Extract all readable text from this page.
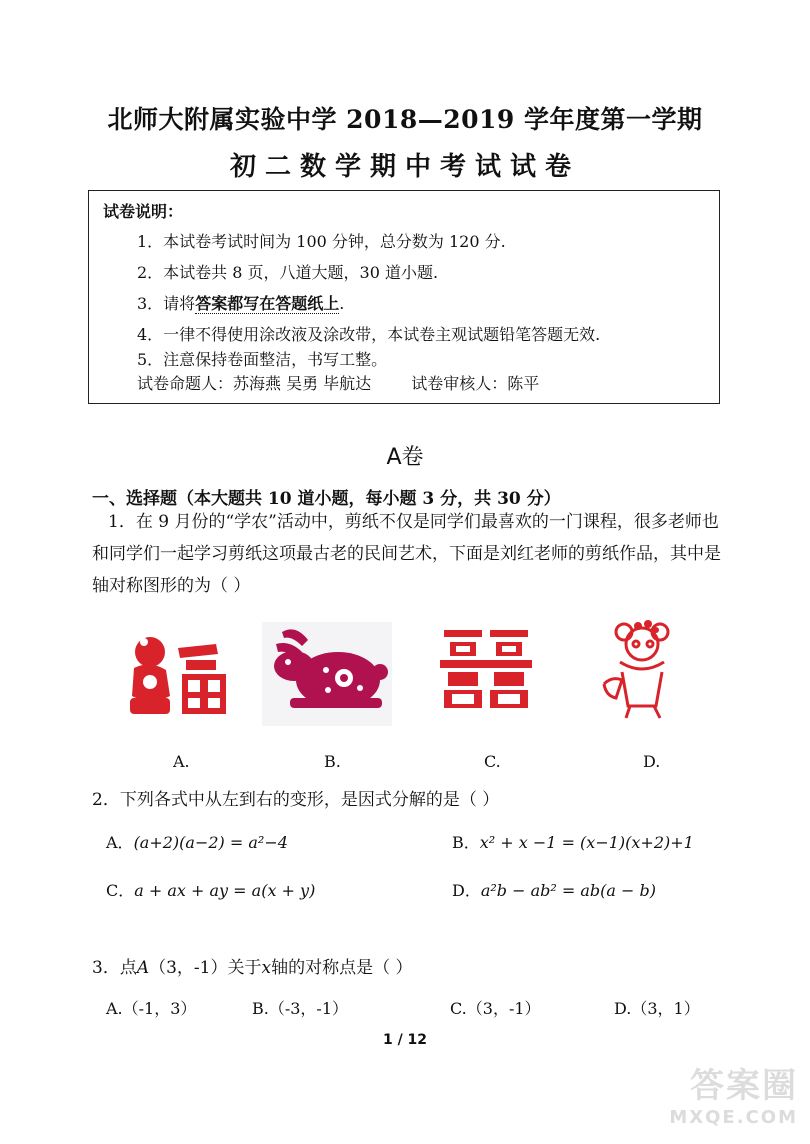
北师大附属实验中学 2018—2019 学年度第一学期
初二数学期中考试试卷
试卷说明：
1．本试卷考试时间为 100 分钟，总分数为 120 分.
2．本试卷共 8 页，八道大题，30 道小题.
3．请将答案都写在答题纸上.
4．一律不得使用涂改液及涂改带，本试卷主观试题铅笔答题无效.
5．注意保持卷面整洁，书写工整。
试卷命题人：苏海燕 吴勇 毕航达	试卷审核人：陈平
A卷
一、选择题（本大题共 10 道小题，每小题 3 分，共 30 分）
1．在 9 月份的“学农”活动中，剪纸不仅是同学们最喜欢的一门课程，很多老师也和同学们一起学习剪纸这项最古老的民间艺术，下面是刘红老师的剪纸作品，其中是轴对称图形的为（ ）
A.	B.	C.	D.
2．下列各式中从左到右的变形，是因式分解的是（ ）
A．(a+2)(a−2) = a²−4	B．x² + x −1 = (x−1)(x+2)+1
C．a + ax + ay = a(x + y)	D．a²b − ab² = ab(a − b)
3．点A（3，-1）关于x轴的对称点是（ ）
A.（-1，3）	B.（-3，-1）	C.（3，-1）	D.（3，1）
1 / 12
答案圈
MXQE.COM
